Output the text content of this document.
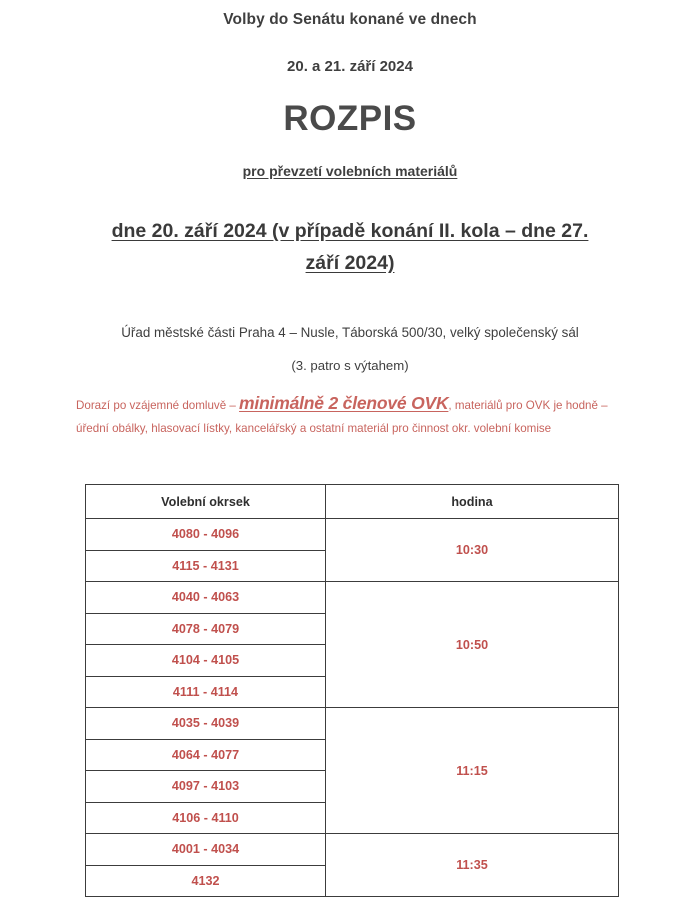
Volby do Senátu konané ve dnech
20. a 21. září 2024
ROZPIS
pro převzetí volebních materiálů
dne 20. září 2024 (v případě konání II. kola – dne 27.
září 2024)
Úřad městské části Praha 4 – Nusle, Táborská 500/30, velký společenský sál
(3. patro s výtahem)
Dorazí po vzájemné domluvě – minimálně 2 členové OVK, materiálů pro OVK je hodně – úřední obálky, hlasovací lístky, kancelářský a ostatní materiál pro činnost okr. volební komise
Volební okrsek	hodina
4080 - 4096	10:30
4115 - 4131	
4040 - 4063	10:50
4078 - 4079	
4104 - 4105	
4111 - 4114	
4035 - 4039	11:15
4064 - 4077	
4097 - 4103	
4106 - 4110	
4001 - 4034	11:35
4132	
